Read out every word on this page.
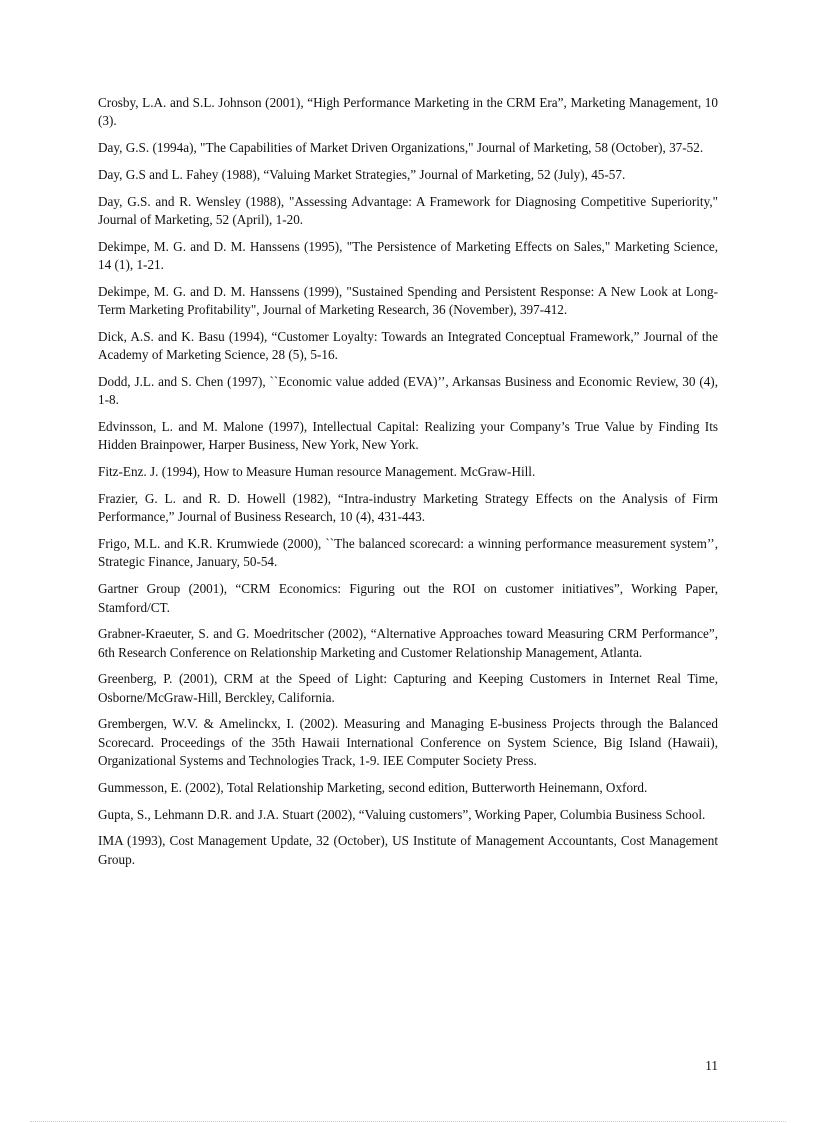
Crosby, L.A. and S.L. Johnson (2001), “High Performance Marketing in the CRM Era”, Marketing Management, 10 (3).
Day, G.S. (1994a), "The Capabilities of Market Driven Organizations," Journal of Marketing, 58 (October), 37-52.
Day, G.S and L. Fahey (1988), “Valuing Market Strategies,” Journal of Marketing, 52 (July), 45-57.
Day, G.S. and R. Wensley (1988), "Assessing Advantage: A Framework for Diagnosing Competitive Superiority," Journal of Marketing, 52 (April), 1-20.
Dekimpe, M. G. and D. M. Hanssens (1995), "The Persistence of Marketing Effects on Sales," Marketing Science, 14 (1), 1-21.
Dekimpe, M. G. and D. M. Hanssens (1999), "Sustained Spending and Persistent Response: A New Look at Long-Term Marketing Profitability", Journal of Marketing Research, 36 (November), 397-412.
Dick, A.S. and K. Basu (1994), “Customer Loyalty: Towards an Integrated Conceptual Framework,” Journal of the Academy of Marketing Science, 28 (5), 5-16.
Dodd, J.L. and S. Chen (1997), ``Economic value added (EVA)’’, Arkansas Business and Economic Review, 30 (4), 1-8.
Edvinsson, L. and M. Malone (1997), Intellectual Capital: Realizing your Company’s True Value by Finding Its Hidden Brainpower, Harper Business, New York, New York.
Fitz-Enz. J. (1994), How to Measure Human resource Management. McGraw-Hill.
Frazier, G. L. and R. D. Howell (1982), “Intra-industry Marketing Strategy Effects on the Analysis of Firm Performance,” Journal of Business Research, 10 (4), 431-443.
Frigo, M.L. and K.R. Krumwiede (2000), ``The balanced scorecard: a winning performance measurement system’’, Strategic Finance, January, 50-54.
Gartner Group (2001), “CRM Economics: Figuring out the ROI on customer initiatives”, Working Paper, Stamford/CT.
Grabner-Kraeuter, S. and G. Moedritscher (2002), “Alternative Approaches toward Measuring CRM Performance”, 6th Research Conference on Relationship Marketing and Customer Relationship Management, Atlanta.
Greenberg, P. (2001), CRM at the Speed of Light: Capturing and Keeping Customers in Internet Real Time, Osborne/McGraw-Hill, Berckley, California.
Grembergen, W.V. & Amelinckx, I. (2002). Measuring and Managing E-business Projects through the Balanced Scorecard. Proceedings of the 35th Hawaii International Conference on System Science, Big Island (Hawaii), Organizational Systems and Technologies Track, 1-9. IEE Computer Society Press.
Gummesson, E. (2002), Total Relationship Marketing, second edition, Butterworth Heinemann, Oxford.
Gupta, S., Lehmann D.R. and J.A. Stuart (2002), “Valuing customers”, Working Paper, Columbia Business School.
IMA (1993), Cost Management Update, 32 (October), US Institute of Management Accountants, Cost Management Group.
11
